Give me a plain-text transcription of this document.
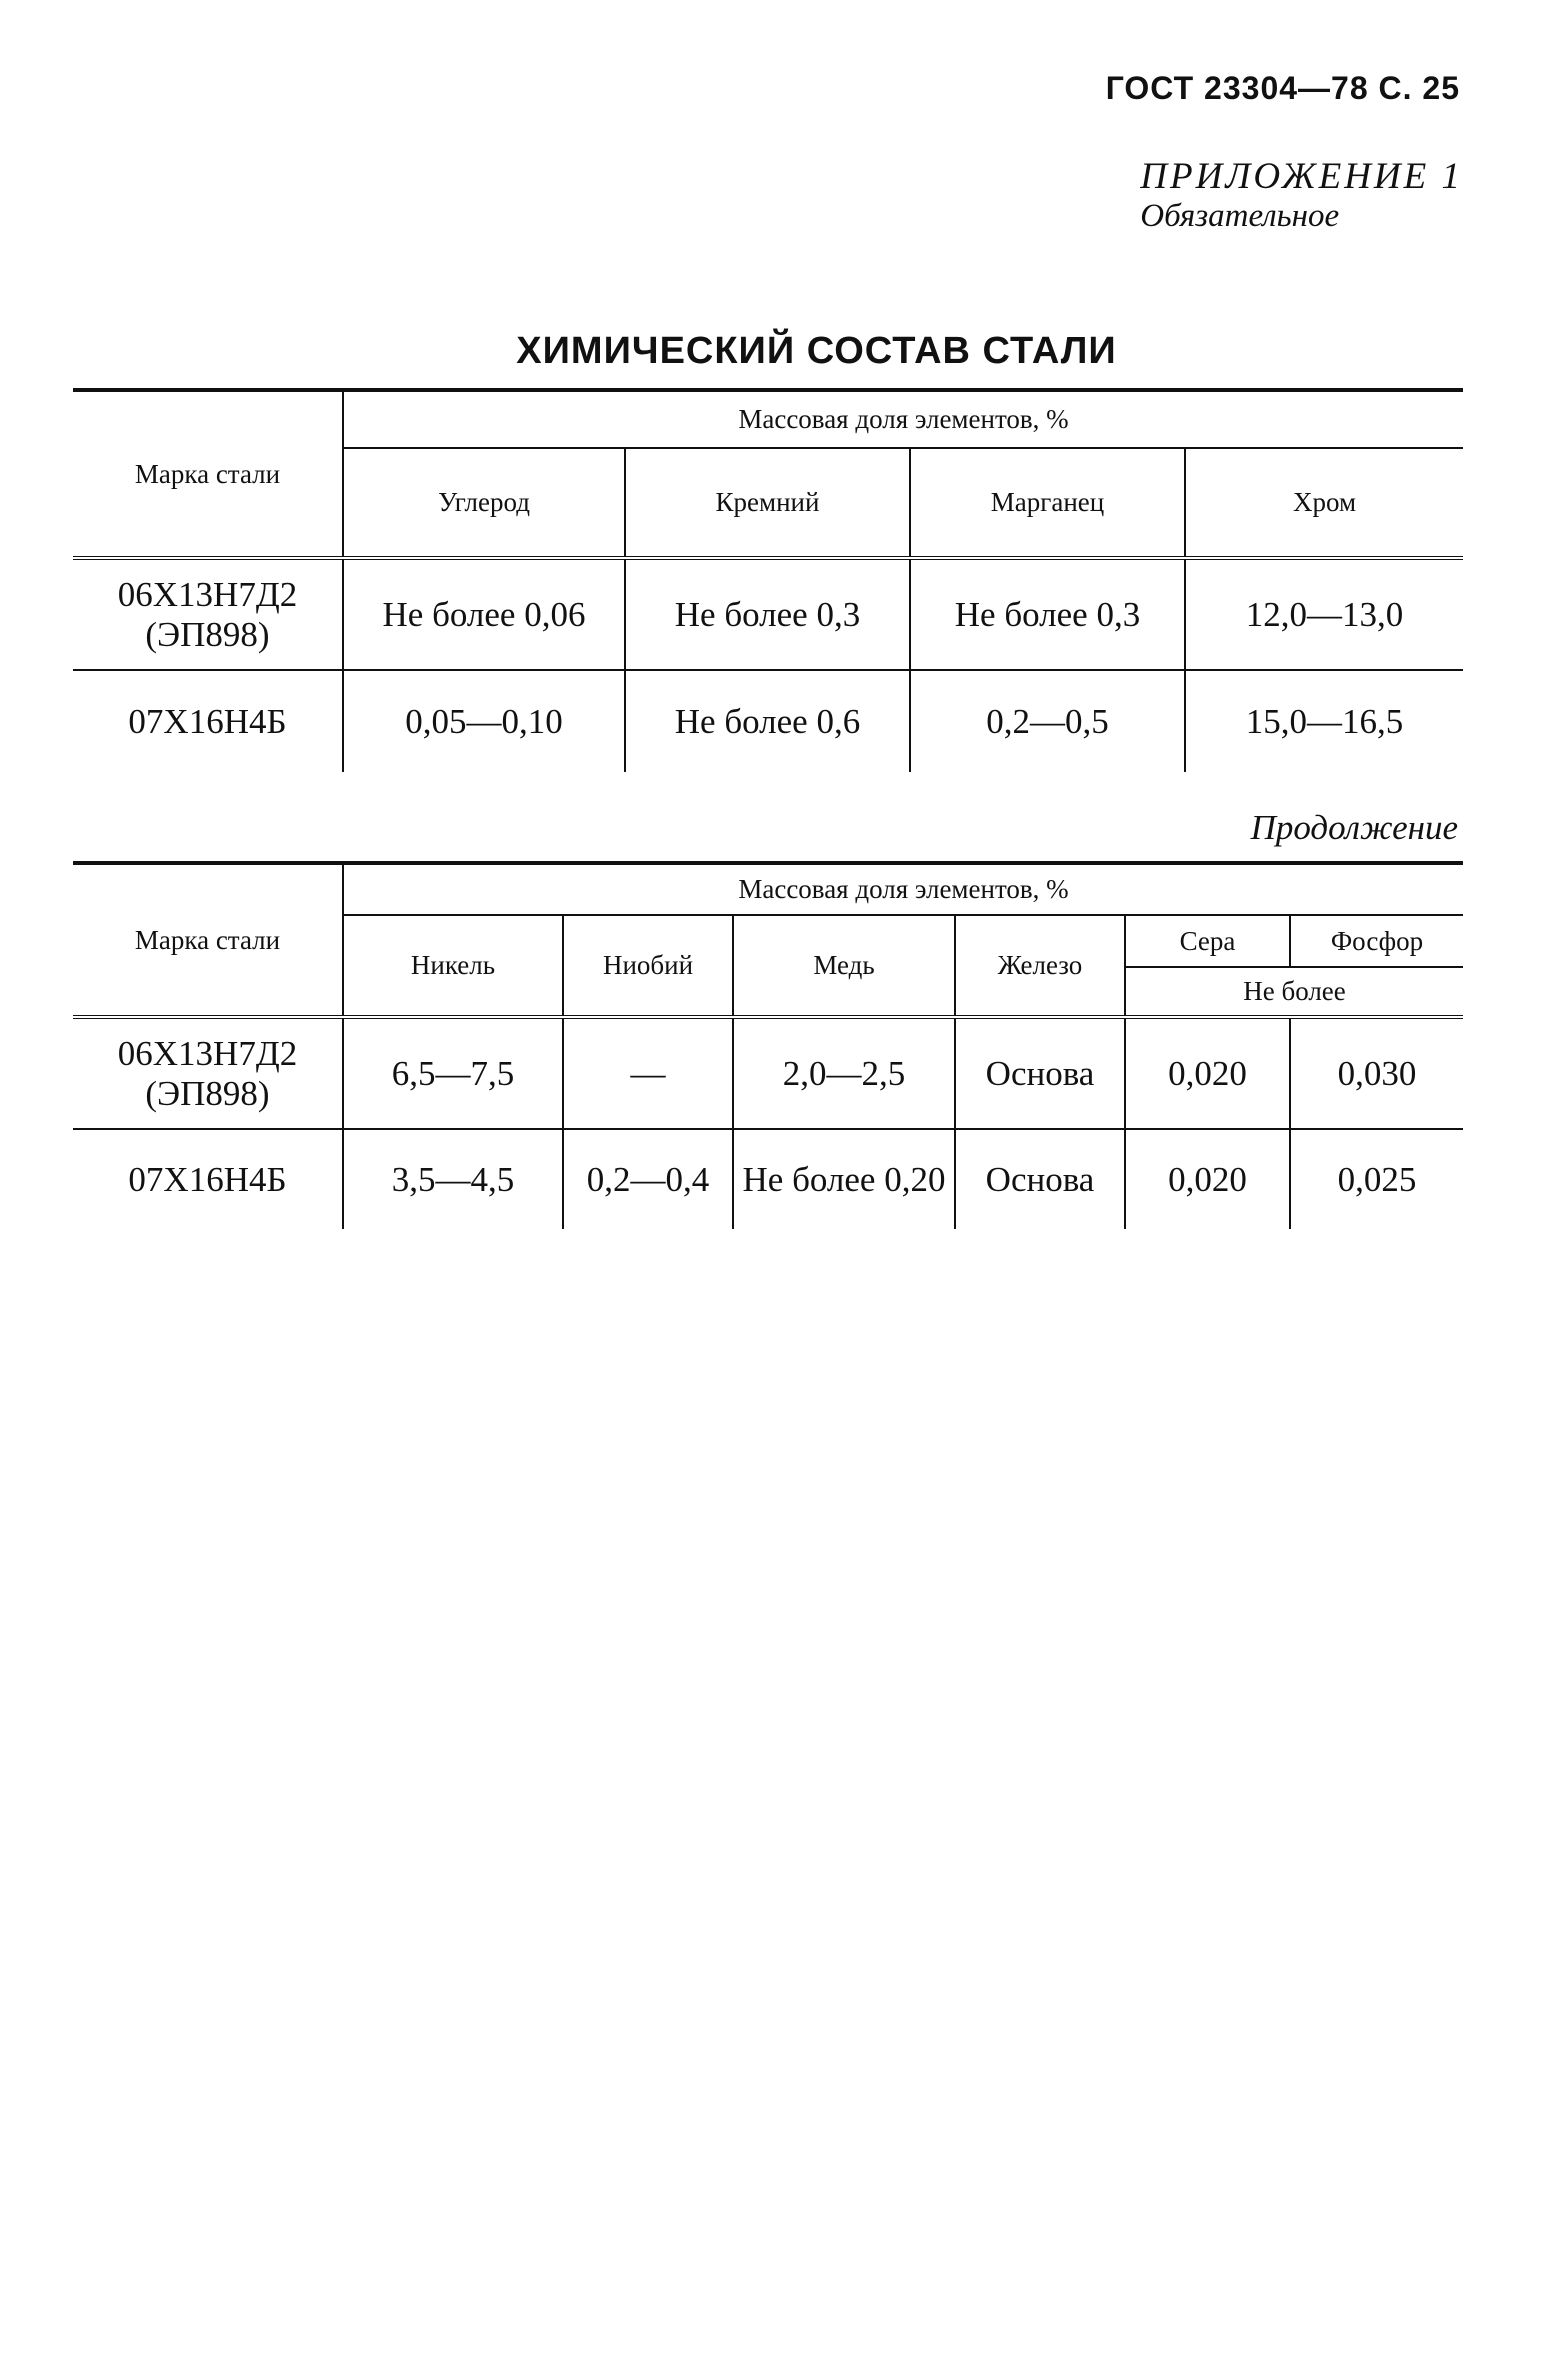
ГОСТ 23304—78 С. 25
ПРИЛОЖЕНИЕ 1
Обязательное
ХИМИЧЕСКИЙ СОСТАВ СТАЛИ
Марка стали	Массовая доля элементов, %			
	Углерод	Кремний	Марганец	Хром
06Х13Н7Д2 (ЭП898)	Не более 0,06	Не более 0,3	Не более 0,3	12,0—13,0
07Х16Н4Б	0,05—0,10	Не более 0,6	0,2—0,5	15,0—16,5
Продолжение
Марка стали	Массовая доля элементов, %					
	Никель	Ниобий	Медь	Железо	Сера	Фосфор
					Не более	
06Х13Н7Д2 (ЭП898)	6,5—7,5	—	2,0—2,5	Основа	0,020	0,030
07Х16Н4Б	3,5—4,5	0,2—0,4	Не более 0,20	Основа	0,020	0,025
